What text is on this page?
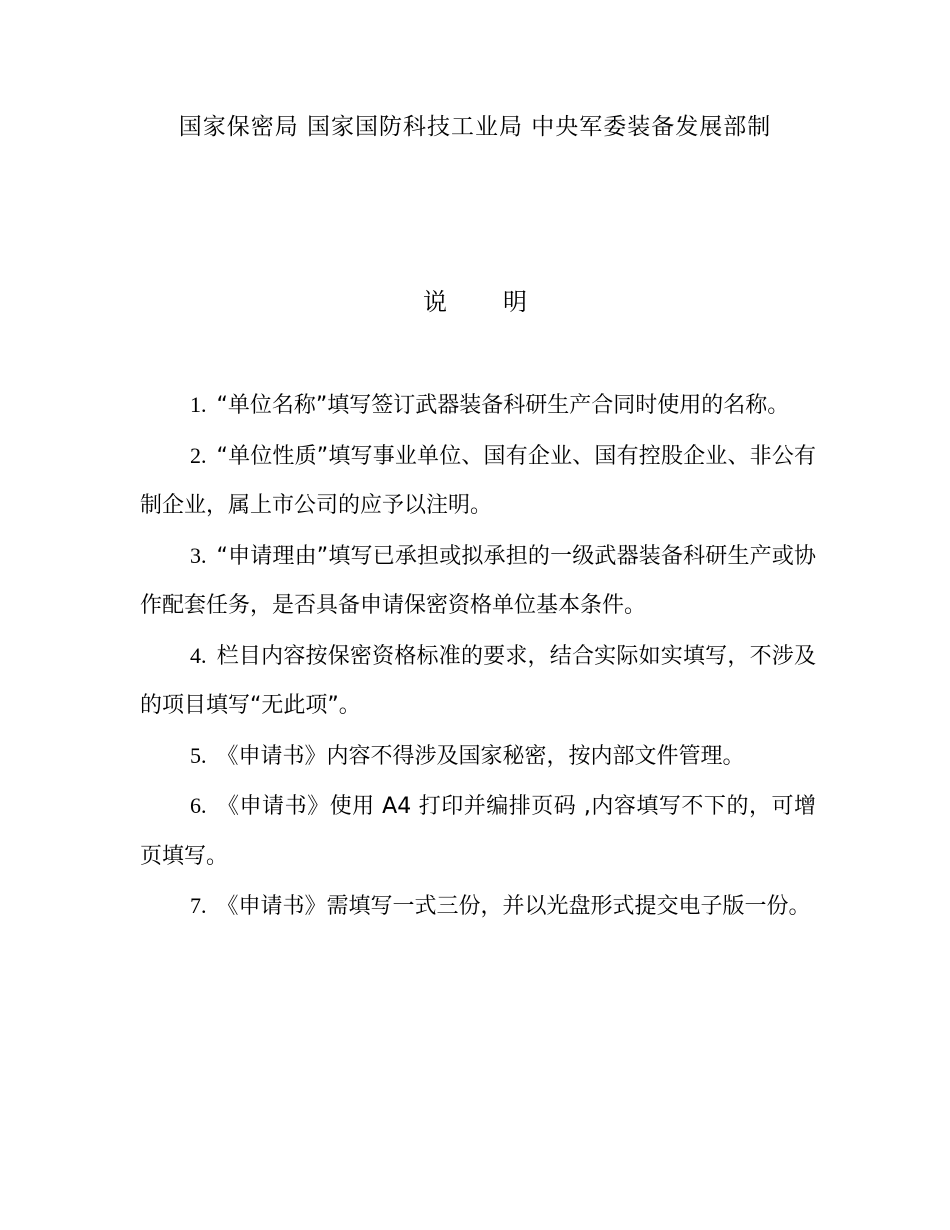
国家保密局 国家国防科技工业局 中央军委装备发展部制
说 明
1. “单位名称”填写签订武器装备科研生产合同时使用的名称。
2. “单位性质”填写事业单位、国有企业、国有控股企业、非公有制企业，属上市公司的应予以注明。
3. “申请理由”填写已承担或拟承担的一级武器装备科研生产或协作配套任务，是否具备申请保密资格单位基本条件。
4. 栏目内容按保密资格标准的要求，结合实际如实填写，不涉及的项目填写“无此项”。
5. 《申请书》内容不得涉及国家秘密，按内部文件管理。
6. 《申请书》使用 A4 打印并编排页码 ,内容填写不下的，可增页填写。
7. 《申请书》需填写一式三份，并以光盘形式提交电子版一份。
